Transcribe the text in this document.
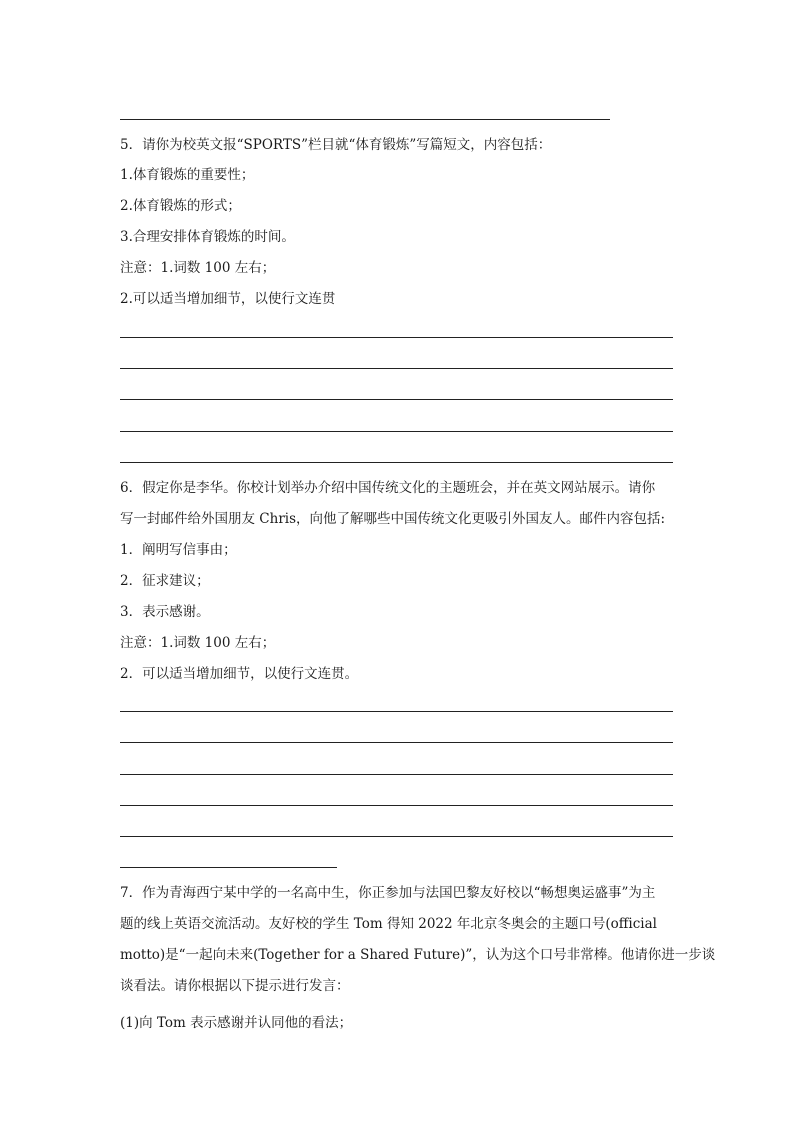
5．请你为校英文报“SPORTS”栏目就“体育锻炼”写篇短文，内容包括：
1.体育锻炼的重要性；
2.体育锻炼的形式；
3.合理安排体育锻炼的时间。
注意：1.词数 100 左右；
2.可以适当增加细节，以使行文连贯
6．假定你是李华。你校计划举办介绍中国传统文化的主题班会，并在英文网站展示。请你
写一封邮件给外国朋友 Chris，向他了解哪些中国传统文化更吸引外国友人。邮件内容包括:
1．阐明写信事由；
2．征求建议；
3．表示感谢。
注意：1.词数 100 左右；
2．可以适当增加细节，以使行文连贯。
7．作为青海西宁某中学的一名高中生，你正参加与法国巴黎友好校以“畅想奥运盛事”为主
题的线上英语交流活动。友好校的学生 Tom 得知 2022 年北京冬奥会的主题口号(official
motto)是“一起向未来(Together for a Shared Future)”，认为这个口号非常棒。他请你进一步谈
谈看法。请你根据以下提示进行发言：
(1)向 Tom 表示感谢并认同他的看法；
